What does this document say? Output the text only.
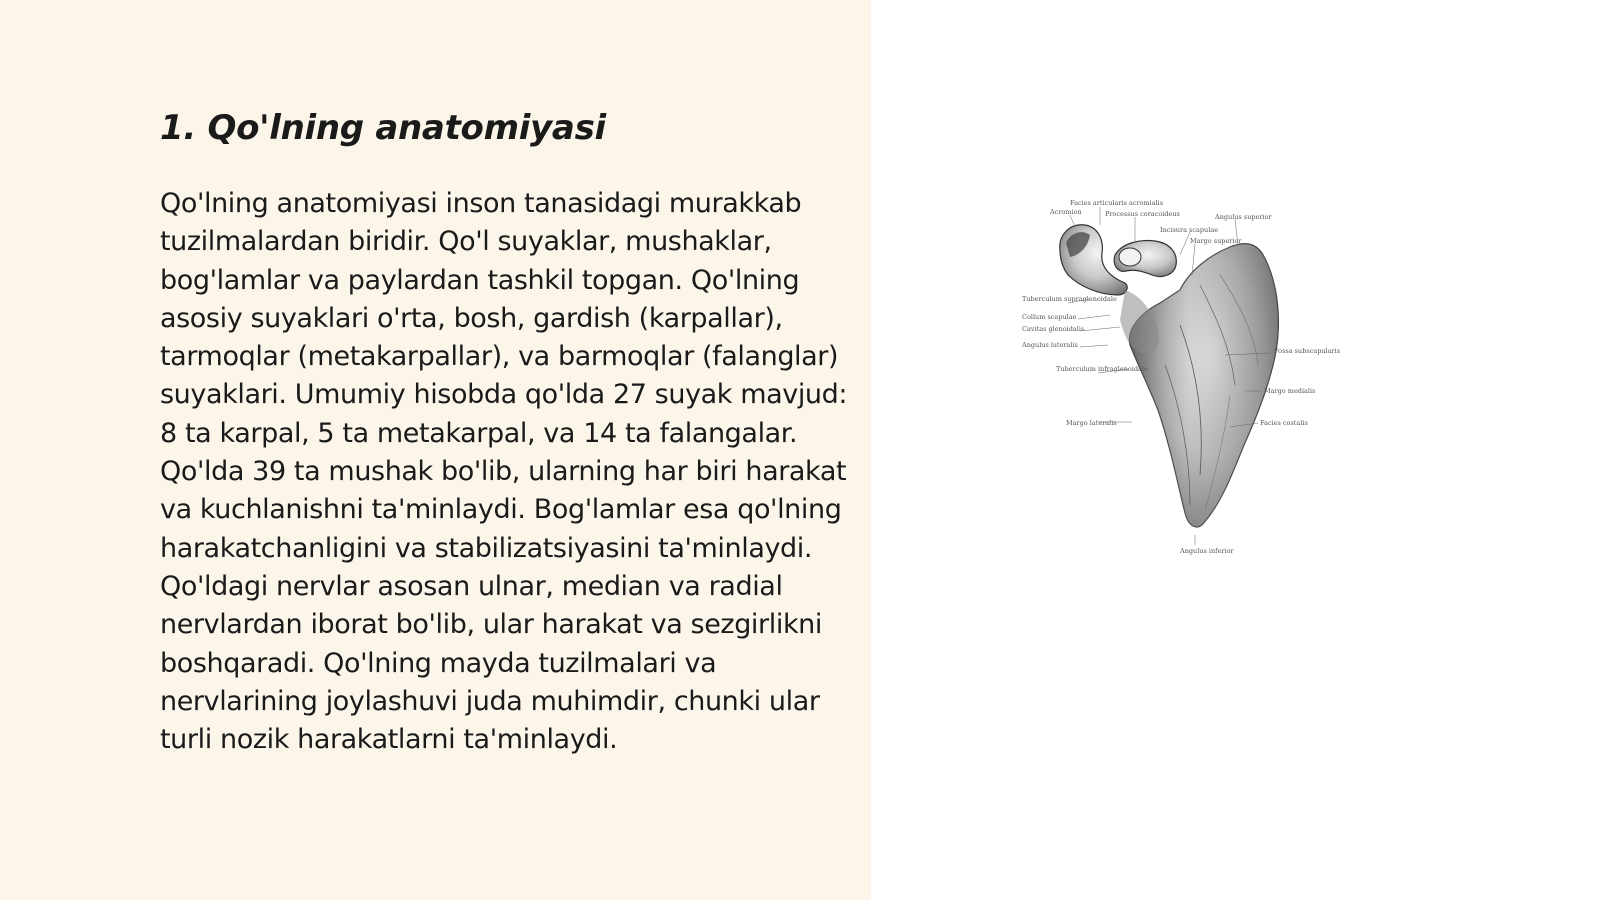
1. Qo'lning anatomiyasi

Qo'lning anatomiyasi inson tanasidagi murakkab tuzilmalardan biridir. Qo'l suyaklar, mushaklar, bog'lamlar va paylardan tashkil topgan. Qo'lning asosiy suyaklari o'rta, bosh, gardish (karpallar), tarmoqlar (metakarpallar), va barmoqlar (falanglar) suyaklari. Umumiy hisobda qo'lda 27 suyak mavjud: 8 ta karpal, 5 ta metakarpal, va 14 ta falangalar. Qo'lda 39 ta mushak bo'lib, ularning har biri harakat va kuchlanishni ta'minlaydi. Bog'lamlar esa qo'lning harakatchanligini va stabilizatsiyasini ta'minlaydi. Qo'ldagi nervlar asosan ulnar, median va radial nervlardan iborat bo'lib, ular harakat va sezgirlikni boshqaradi. Qo'lning mayda tuzilmalari va nervlarining joylashuvi juda muhimdir, chunki ular turli nozik harakatlarni ta'minlaydi.

Facies articularis acromialis
Acromion	Processus coracoideus	Angulus superior
Incisura scapulae
Margo superior
Tuberculum supraglenoidale
Collum scapulae
Cavitas glenoidalis
Angulus lateralis
Tuberculum infraglenoidale
Fossa subscapularis
Margo medialis
Margo lateralis	Facies costalis
Angulus inferior
